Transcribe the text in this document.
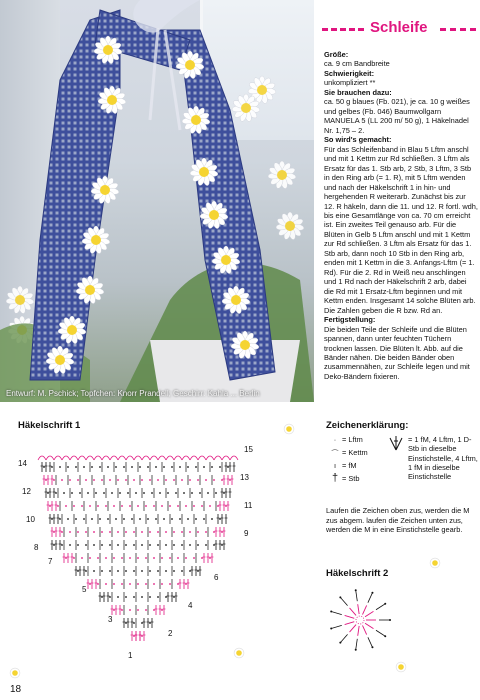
Entwurf: M. Pschick; Topfchen: Knorr Prandell; Geschirr: Kahla ... Berlin
Schleife

Größe:

ca. 9 cm Bandbreite

Schwierigkeit:

unkompliziert **

Sie brauchen dazu:

ca. 50 g blaues (Fb. 021), je ca. 10 g weißes und gelbes (Fb. 046) Baumwollgarn MANUELA 5 (LL 200 m/ 50 g), 1 Häkelnadel Nr. 1,75 – 2.

So wird's gemacht:

Für das Schleifenband in Blau 5 Lftm anschl und mit 1 Kettm zur Rd schließen. 3 Lftm als Ersatz für das 1. Stb arb, 2 Stb, 3 Lftm, 3 Stb in den Ring arb (= 1. R), mit 5 Lftm wenden und nach der Häkelschrift 1 in hin- und hergehenden R weiterarb. Zunächst bis zur 12. R häkeln, dann die 11. und 12. R fortl. wdh, bis eine Gesamtlänge von ca. 70 cm erreicht ist. Ein zweites Teil genauso arb. Für die Blüten in Gelb 5 Lftm anschl und mit 1 Kettm zur Rd schließen. 3 Lftm als Ersatz für das 1. Stb arb, dann noch 10 Stb in den Ring arb, enden mit 1 Kettm in die 3. Anfangs-Lftm (= 1. Rd). Für die 2. Rd in Weiß neu anschlingen und 1 Rd nach der Häkelschrift 2 arb, dabei die Rd mit 1 Ersatz-Lftm beginnen und mit Kettm enden. Insgesamt 14 solche Blüten arb. Die Zahlen geben die R bzw. Rd an.

Fertigstellung:

Die beiden Teile der Schleife und die Blüten spannen, dann unter feuchten Tüchern trocknen lassen. Die Blüten lt. Abb. auf die Bänder nähen. Die beiden Bänder oben zusammennähen, zur Schleife legen und mit Deko-Bändern fixieren.

Häkelschrift 1
15
14
13
12
11
10
9
8
7
6
5
4
3
2
1
Zeichenerklärung:
· = Lftm
⌒ = Kettm
ı = fM
† = Stb
= 1 fM, 4 Lftm, 1 D-Stb in dieselbe Einstichstelle, 4 Lftm, 1 fM in dieselbe Einstichstelle
Laufen die Zeichen oben zus, werden die M zus abgem. laufen die Zeichen unten zus, werden die M in eine Einstichstelle gearb.
Häkelschrift 2
18
